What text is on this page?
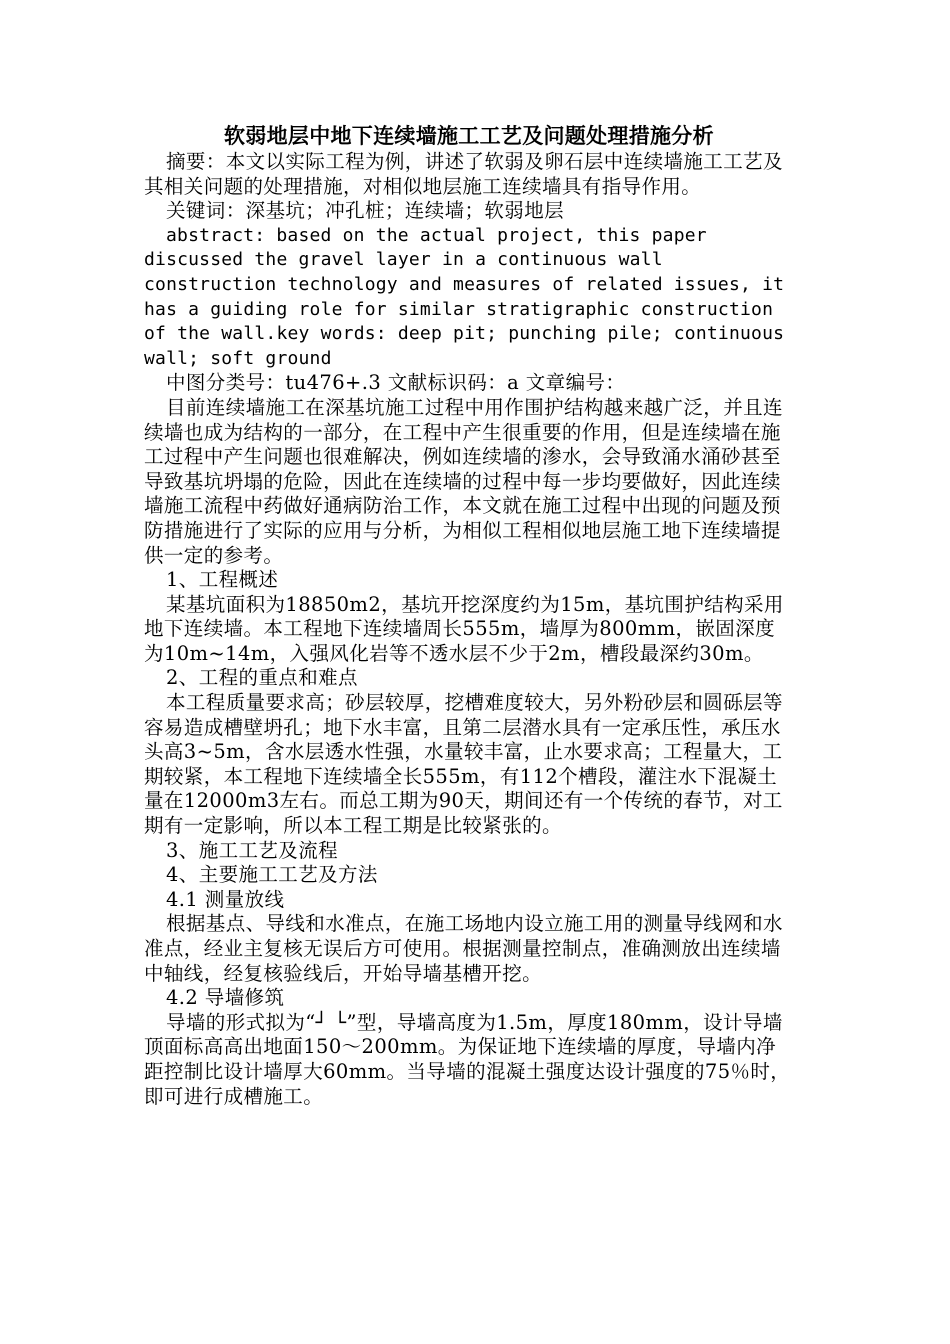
软弱地层中地下连续墙施工工艺及问题处理措施分析

摘要：本文以实际工程为例，讲述了软弱及卵石层中连续墙施工工艺及其相关问题的处理措施，对相似地层施工连续墙具有指导作用。

关键词：深基坑；冲孔桩；连续墙；软弱地层

abstract: based on the actual project, this paper discussed the gravel layer in a continuous wall construction technology and measures of related issues, it has a guiding role for similar stratigraphic construction of the wall.key words: deep pit; punching pile; continuous wall; soft ground

中图分类号：tu476+.3 文献标识码：a 文章编号：

目前连续墙施工在深基坑施工过程中用作围护结构越来越广泛，并且连续墙也成为结构的一部分，在工程中产生很重要的作用，但是连续墙在施工过程中产生问题也很难解决，例如连续墙的渗水，会导致涌水涌砂甚至导致基坑坍塌的危险，因此在连续墙的过程中每一步均要做好，因此连续墙施工流程中药做好通病防治工作，本文就在施工过程中出现的问题及预防措施进行了实际的应用与分析，为相似工程相似地层施工地下连续墙提供一定的参考。

1、工程概述

某基坑面积为18850m2，基坑开挖深度约为15m，基坑围护结构采用地下连续墙。本工程地下连续墙周长555m，墙厚为800mm，嵌固深度为10m~14m，入强风化岩等不透水层不少于2m，槽段最深约30m。

2、工程的重点和难点

本工程质量要求高；砂层较厚，挖槽难度较大，另外粉砂层和圆砾层等容易造成槽壁坍孔；地下水丰富，且第二层潜水具有一定承压性，承压水头高3~5m，含水层透水性强，水量较丰富，止水要求高；工程量大，工期较紧，本工程地下连续墙全长555m，有112个槽段，灌注水下混凝土量在12000m3左右。而总工期为90天，期间还有一个传统的春节，对工期有一定影响，所以本工程工期是比较紧张的。

3、施工工艺及流程

4、主要施工工艺及方法

4.1 测量放线

根据基点、导线和水准点，在施工场地内设立施工用的测量导线网和水准点，经业主复核无误后方可使用。根据测量控制点，准确测放出连续墙中轴线，经复核验线后，开始导墙基槽开挖。

4.2 导墙修筑

导墙的形式拟为“┘ └”型，导墙高度为1.5m，厚度180mm，设计导墙顶面标高高出地面150～200mm。为保证地下连续墙的厚度，导墙内净距控制比设计墙厚大60mm。当导墙的混凝土强度达设计强度的75％时，即可进行成槽施工。
